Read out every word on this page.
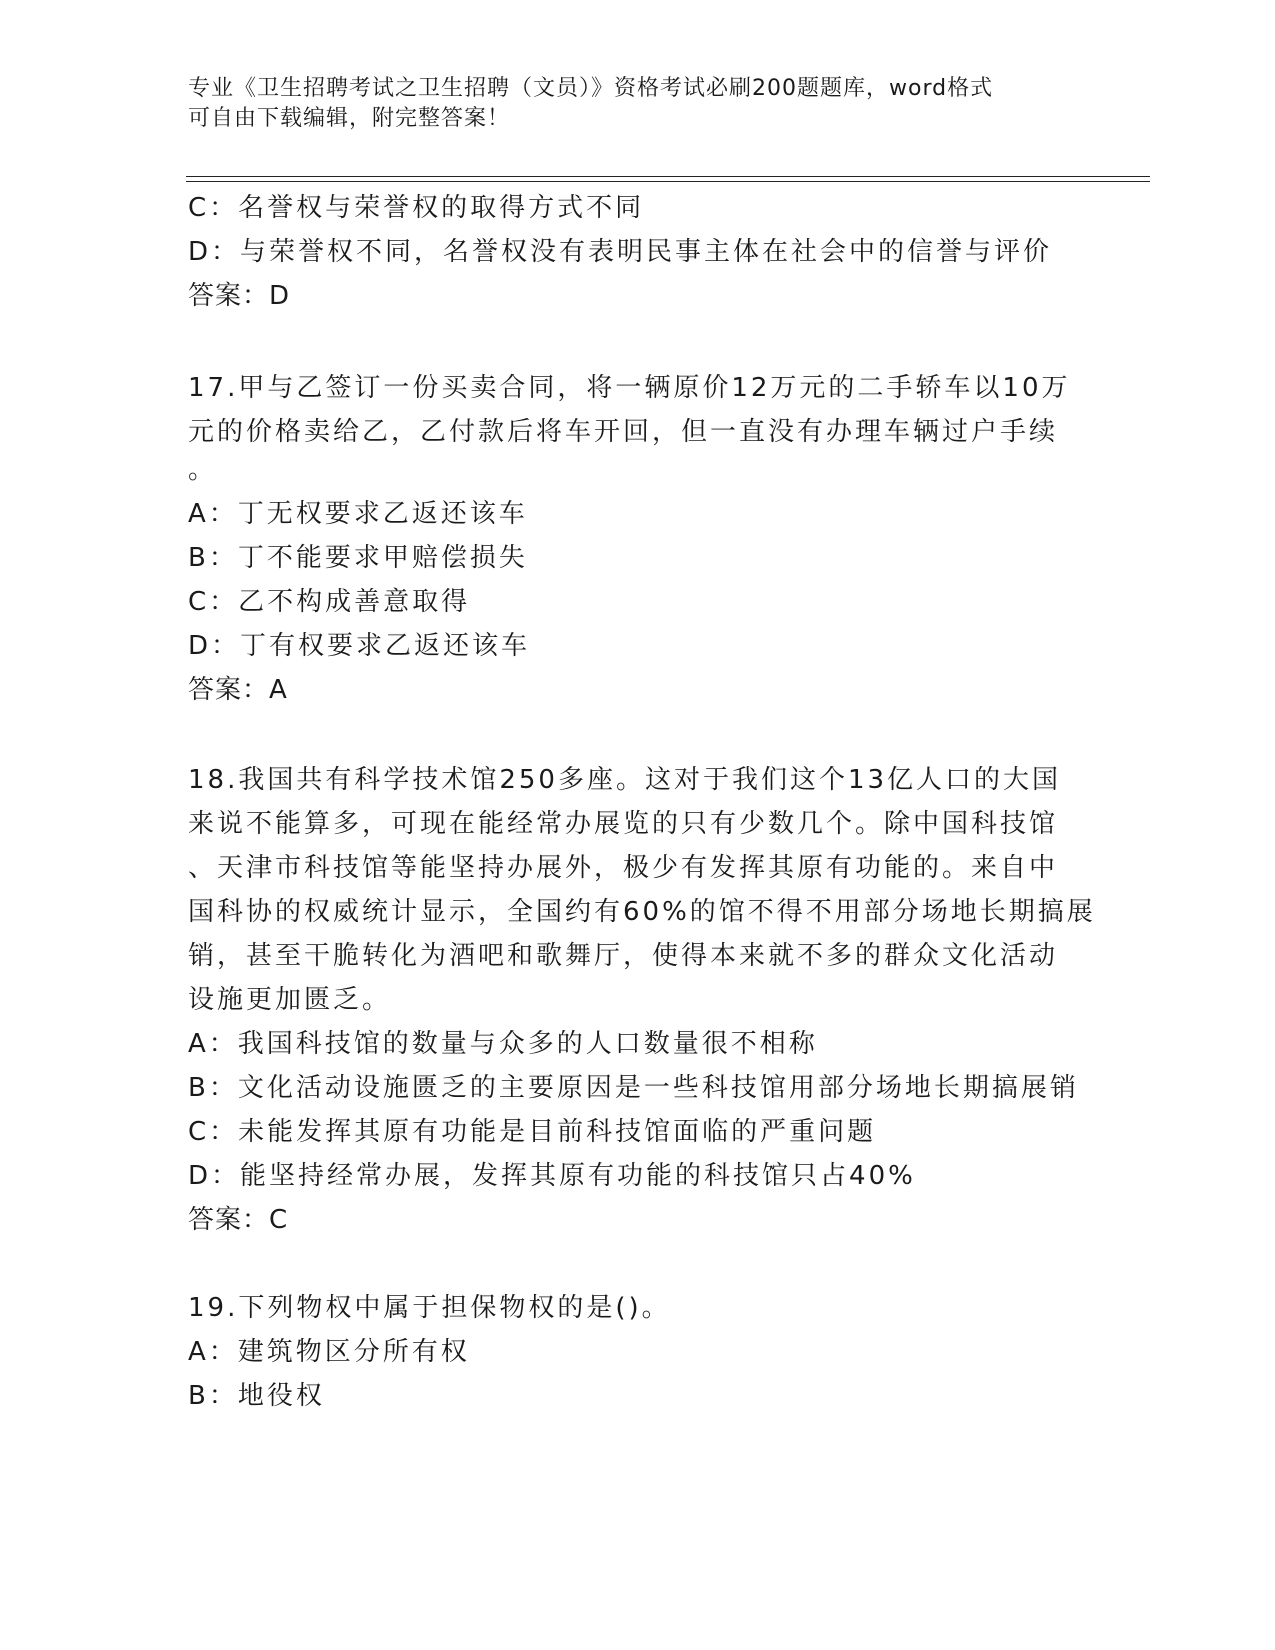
专业《卫生招聘考试之卫生招聘（文员）》资格考试必刷200题题库，word格式
可自由下载编辑，附完整答案！
C：名誉权与荣誉权的取得方式不同
D：与荣誉权不同，名誉权没有表明民事主体在社会中的信誉与评价
答案：D
17.甲与乙签订一份买卖合同，将一辆原价12万元的二手轿车以10万
元的价格卖给乙，乙付款后将车开回，但一直没有办理车辆过户手续
。
A：丁无权要求乙返还该车
B：丁不能要求甲赔偿损失
C：乙不构成善意取得
D：丁有权要求乙返还该车
答案：A
18.我国共有科学技术馆250多座。这对于我们这个13亿人口的大国
来说不能算多，可现在能经常办展览的只有少数几个。除中国科技馆
、天津市科技馆等能坚持办展外，极少有发挥其原有功能的。来自中
国科协的权威统计显示，全国约有60%的馆不得不用部分场地长期搞展
销，甚至干脆转化为酒吧和歌舞厅，使得本来就不多的群众文化活动
设施更加匮乏。
A：我国科技馆的数量与众多的人口数量很不相称
B：文化活动设施匮乏的主要原因是一些科技馆用部分场地长期搞展销
C：未能发挥其原有功能是目前科技馆面临的严重问题
D：能坚持经常办展，发挥其原有功能的科技馆只占40%
答案：C
19.下列物权中属于担保物权的是()。
A：建筑物区分所有权
B：地役权
